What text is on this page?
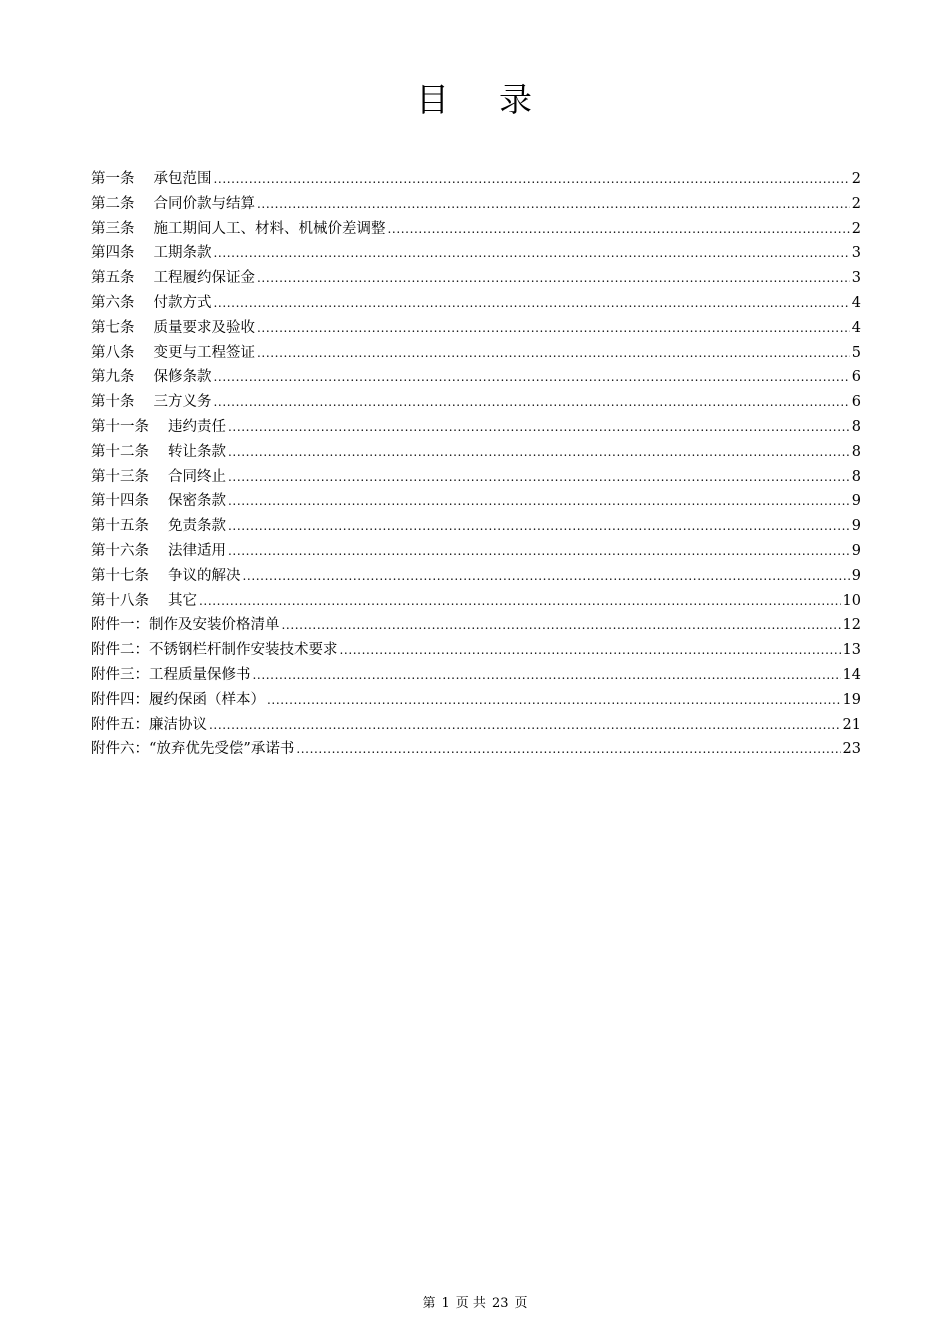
目 录
第一条 承包范围 .....	2
第二条 合同价款与结算 .....	2
第三条 施工期间人工、材料、机械价差调整 .....	2
第四条 工期条款 .....	3
第五条 工程履约保证金 .....	3
第六条 付款方式 .....	4
第七条 质量要求及验收 .....	4
第八条 变更与工程签证 .....	5
第九条 保修条款 .....	6
第十条 三方义务 .....	6
第十一条 违约责任 .....	8
第十二条 转让条款 .....	8
第十三条 合同终止 .....	8
第十四条 保密条款 .....	9
第十五条 免责条款 .....	9
第十六条 法律适用 .....	9
第十七条 争议的解决 .....	9
第十八条 其它 .....	10
附件一： 制作及安装价格清单 .....	12
附件二： 不锈钢栏杆制作安装技术要求 .....	13
附件三： 工程质量保修书 .....	14
附件四： 履约保函（样本） .....	19
附件五： 廉洁协议 .....	21
附件六： “放弃优先受偿”承诺书 .....	23
第 1 页 共 23 页
